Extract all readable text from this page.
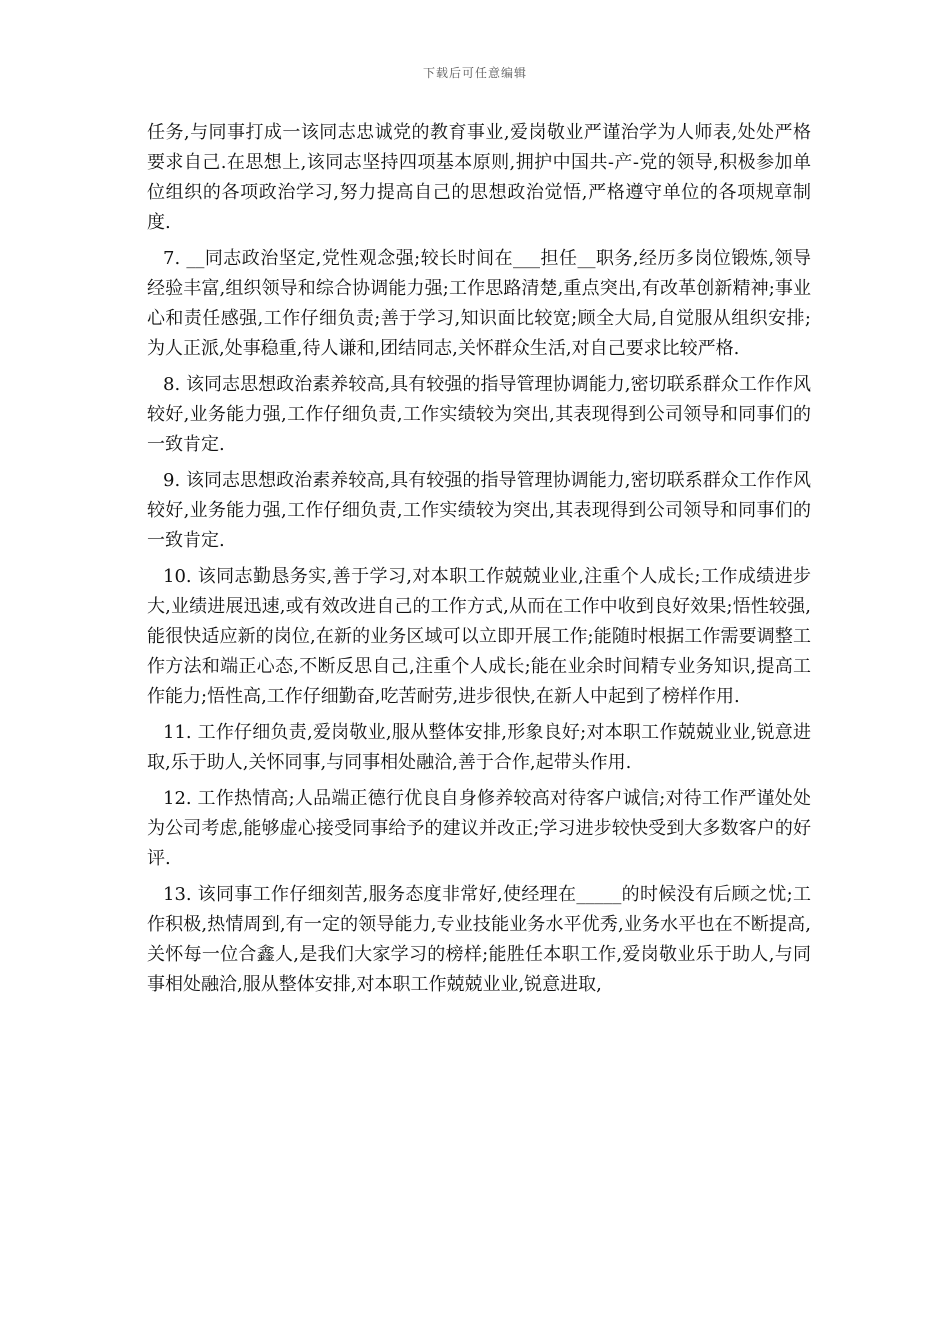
下载后可任意编辑

任务,与同事打成一该同志忠诚党的教育事业,爱岗敬业严谨治学为人师表,处处严格要求自己.在思想上,该同志坚持四项基本原则,拥护中国共-产-党的领导,积极参加单位组织的各项政治学习,努力提高自己的思想政治觉悟,严格遵守单位的各项规章制度.

7. __同志政治坚定,党性观念强;较长时间在___担任__职务,经历多岗位锻炼,领导经验丰富,组织领导和综合协调能力强;工作思路清楚,重点突出,有改革创新精神;事业心和责任感强,工作仔细负责;善于学习,知识面比较宽;顾全大局,自觉服从组织安排;为人正派,处事稳重,待人谦和,团结同志,关怀群众生活,对自己要求比较严格.

8. 该同志思想政治素养较高,具有较强的指导管理协调能力,密切联系群众工作作风较好,业务能力强,工作仔细负责,工作实绩较为突出,其表现得到公司领导和同事们的一致肯定.

9. 该同志思想政治素养较高,具有较强的指导管理协调能力,密切联系群众工作作风较好,业务能力强,工作仔细负责,工作实绩较为突出,其表现得到公司领导和同事们的一致肯定.

10. 该同志勤恳务实,善于学习,对本职工作兢兢业业,注重个人成长;工作成绩进步大,业绩进展迅速,或有效改进自己的工作方式,从而在工作中收到良好效果;悟性较强,能很快适应新的岗位,在新的业务区域可以立即开展工作;能随时根据工作需要调整工作方法和端正心态,不断反思自己,注重个人成长;能在业余时间精专业务知识,提高工作能力;悟性高,工作仔细勤奋,吃苦耐劳,进步很快,在新人中起到了榜样作用.

11. 工作仔细负责,爱岗敬业,服从整体安排,形象良好;对本职工作兢兢业业,锐意进取,乐于助人,关怀同事,与同事相处融洽,善于合作,起带头作用.

12. 工作热情高;人品端正德行优良自身修养较高对待客户诚信;对待工作严谨处处为公司考虑,能够虚心接受同事给予的建议并改正;学习进步较快受到大多数客户的好评.

13. 该同事工作仔细刻苦,服务态度非常好,使经理在_____的时候没有后顾之忧;工作积极,热情周到,有一定的领导能力,专业技能业务水平优秀,业务水平也在不断提高,关怀每一位合鑫人,是我们大家学习的榜样;能胜任本职工作,爱岗敬业乐于助人,与同事相处融洽,服从整体安排,对本职工作兢兢业业,锐意进取,
